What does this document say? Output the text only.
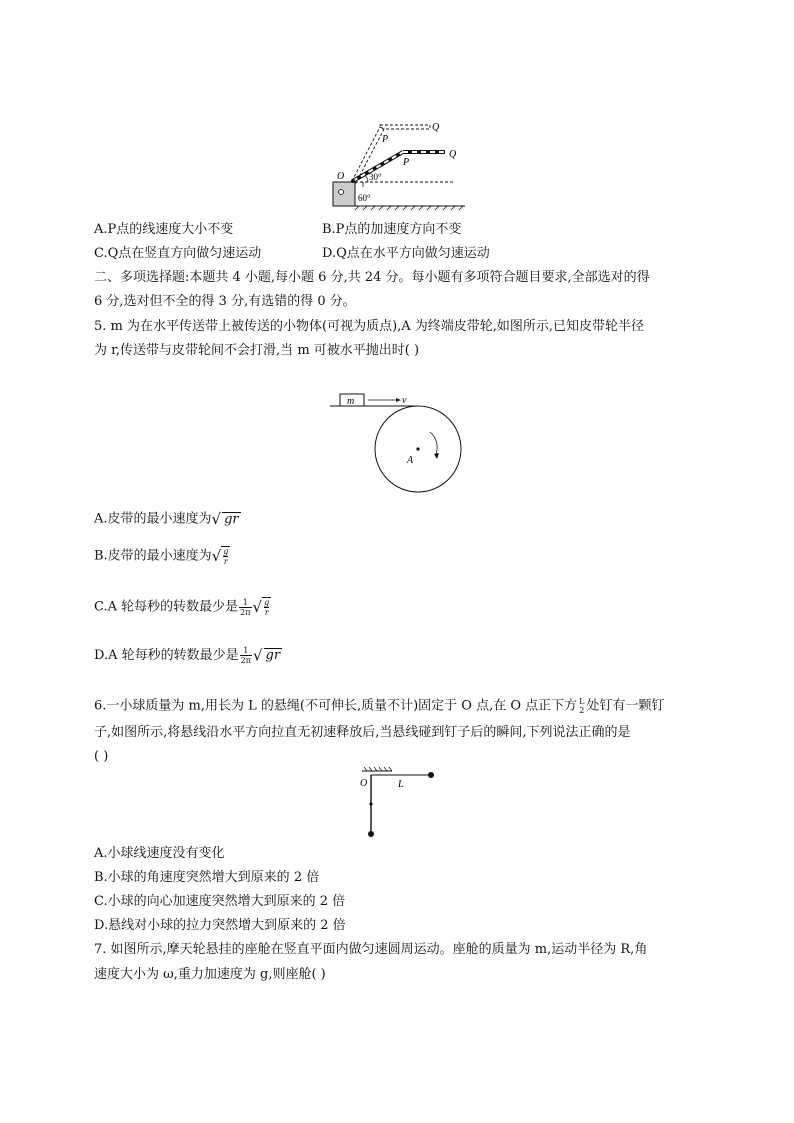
O
P
Q
P
Q
30°
60°
A.P点的线速度大小不变	B.P点的加速度方向不变
C.Q点在竖直方向做匀速运动	D.Q点在水平方向做匀速运动
二、多项选择题:本题共 4 小题,每小题 6 分,共 24 分。每小题有多项符合题目要求,全部选对的得
6 分,选对但不全的得 3 分,有选错的得 0 分。
5. m 为在水平传送带上被传送的小物体(可视为质点),A 为终端皮带轮,如图所示,已知皮带轮半径
为 r,传送带与皮带轮间不会打滑,当 m 可被水平抛出时( )
m	v
A
A.皮带的最小速度为√ gr
B.皮带的最小速度为√ $\frac{g}{r}$
C.A 轮每秒的转数最少是 $\frac{1}{2\pi}$ √ $\frac{g}{r}$
D.A 轮每秒的转数最少是 $\frac{1}{2\pi}$ √ gr
6.一小球质量为 m,用长为 L 的悬绳(不可伸长,质量不计)固定于 O 点,在 O 点正下方 L
2 处钉有一颗钉
子,如图所示,将悬线沿水平方向拉直无初速释放后,当悬线碰到钉子后的瞬间,下列说法正确的是
( )
O	L
A.小球线速度没有变化
B.小球的角速度突然增大到原来的 2 倍
C.小球的向心加速度突然增大到原来的 2 倍
D.悬线对小球的拉力突然增大到原来的 2 倍
7. 如图所示,摩天轮悬挂的座舱在竖直平面内做匀速圆周运动。座舱的质量为 m,运动半径为 R,角
速度大小为 ω,重力加速度为 g,则座舱( )
